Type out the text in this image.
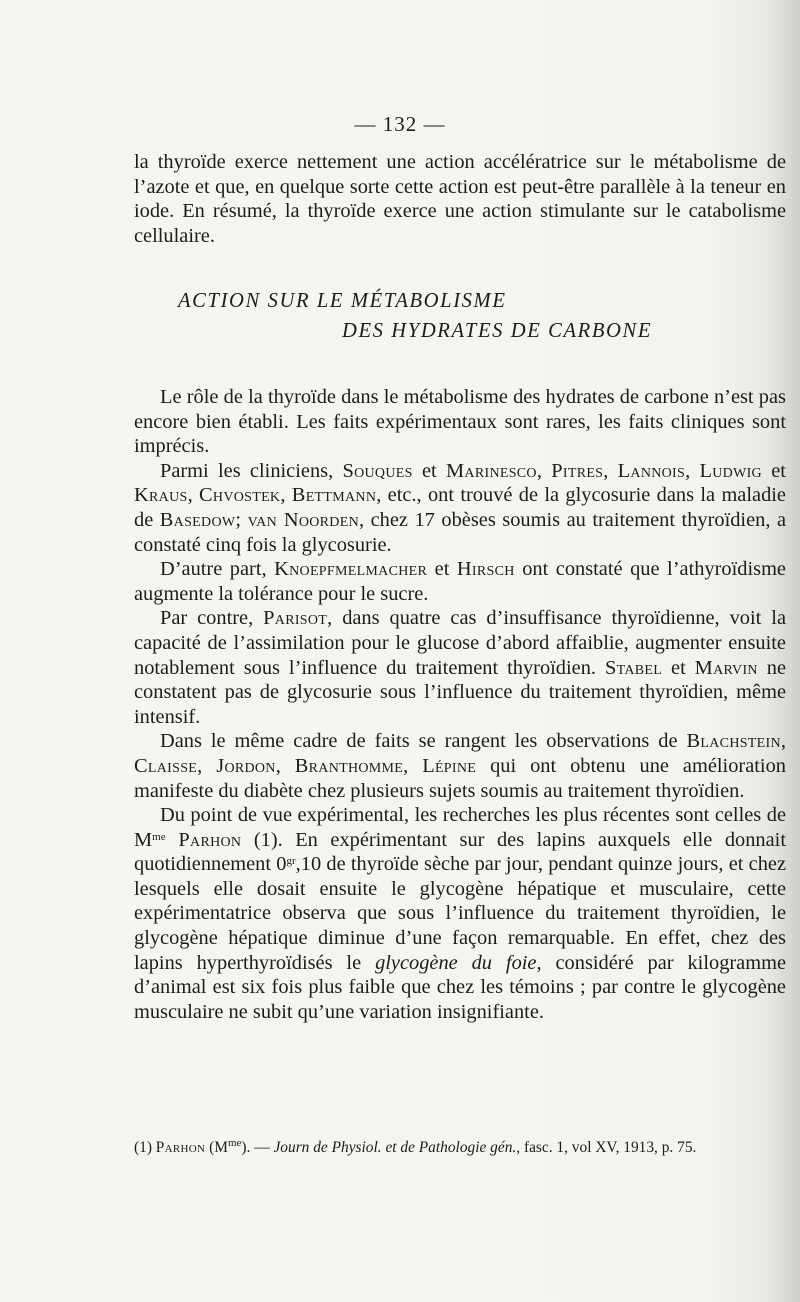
— 132 —

la thyroïde exerce nettement une action accélératrice sur le métabolisme de l’azote et que, en quelque sorte cette action est peut-être parallèle à la teneur en iode. En résumé, la thyroïde exerce une action stimulante sur le catabolisme cellulaire.

ACTION SUR LE MÉTABOLISME
DES HYDRATES DE CARBONE

Le rôle de la thyroïde dans le métabolisme des hydrates de carbone n’est pas encore bien établi. Les faits expérimentaux sont rares, les faits cliniques sont imprécis.

Parmi les cliniciens, Souques et Marinesco, Pitres, Lannois, Ludwig et Kraus, Chvostek, Bettmann, etc., ont trouvé de la glycosurie dans la maladie de Basedow; van Noorden, chez 17 obèses soumis au traitement thyroïdien, a constaté cinq fois la glycosurie.

D’autre part, Knoepfmelmacher et Hirsch ont constaté que l’athyroïdisme augmente la tolérance pour le sucre.

Par contre, Parisot, dans quatre cas d’insuffisance thyroïdienne, voit la capacité de l’assimilation pour le glucose d’abord affaiblie, augmenter ensuite notablement sous l’influence du traitement thyroïdien. Stabel et Marvin ne constatent pas de glycosurie sous l’influence du traitement thyroïdien, même intensif.

Dans le même cadre de faits se rangent les observations de Blachstein, Claisse, Jordon, Branthomme, Lépine qui ont obtenu une amélioration manifeste du diabète chez plusieurs sujets soumis au traitement thyroïdien.

Du point de vue expérimental, les recherches les plus récentes sont celles de $M^{me}$ Parhon (1). En expérimentant sur des lapins auxquels elle donnait quotidiennement $0^{gr},10$ de thyroïde sèche par jour, pendant quinze jours, et chez lesquels elle dosait ensuite le glycogène hépatique et musculaire, cette expérimentatrice observa que sous l’influence du traitement thyroïdien, le glycogène hépatique diminue d’une façon remarquable. En effet, chez des lapins hyperthyroïdisés le glycogène du foie, considéré par kilogramme d’animal est six fois plus faible que chez les témoins ; par contre le glycogène musculaire ne subit qu’une variation insignifiante.

(1) Parhon $(M^{me})$. — Journ de Physiol. et de Pathologie gén., fasc. 1, vol XV, 1913, p. 75.
